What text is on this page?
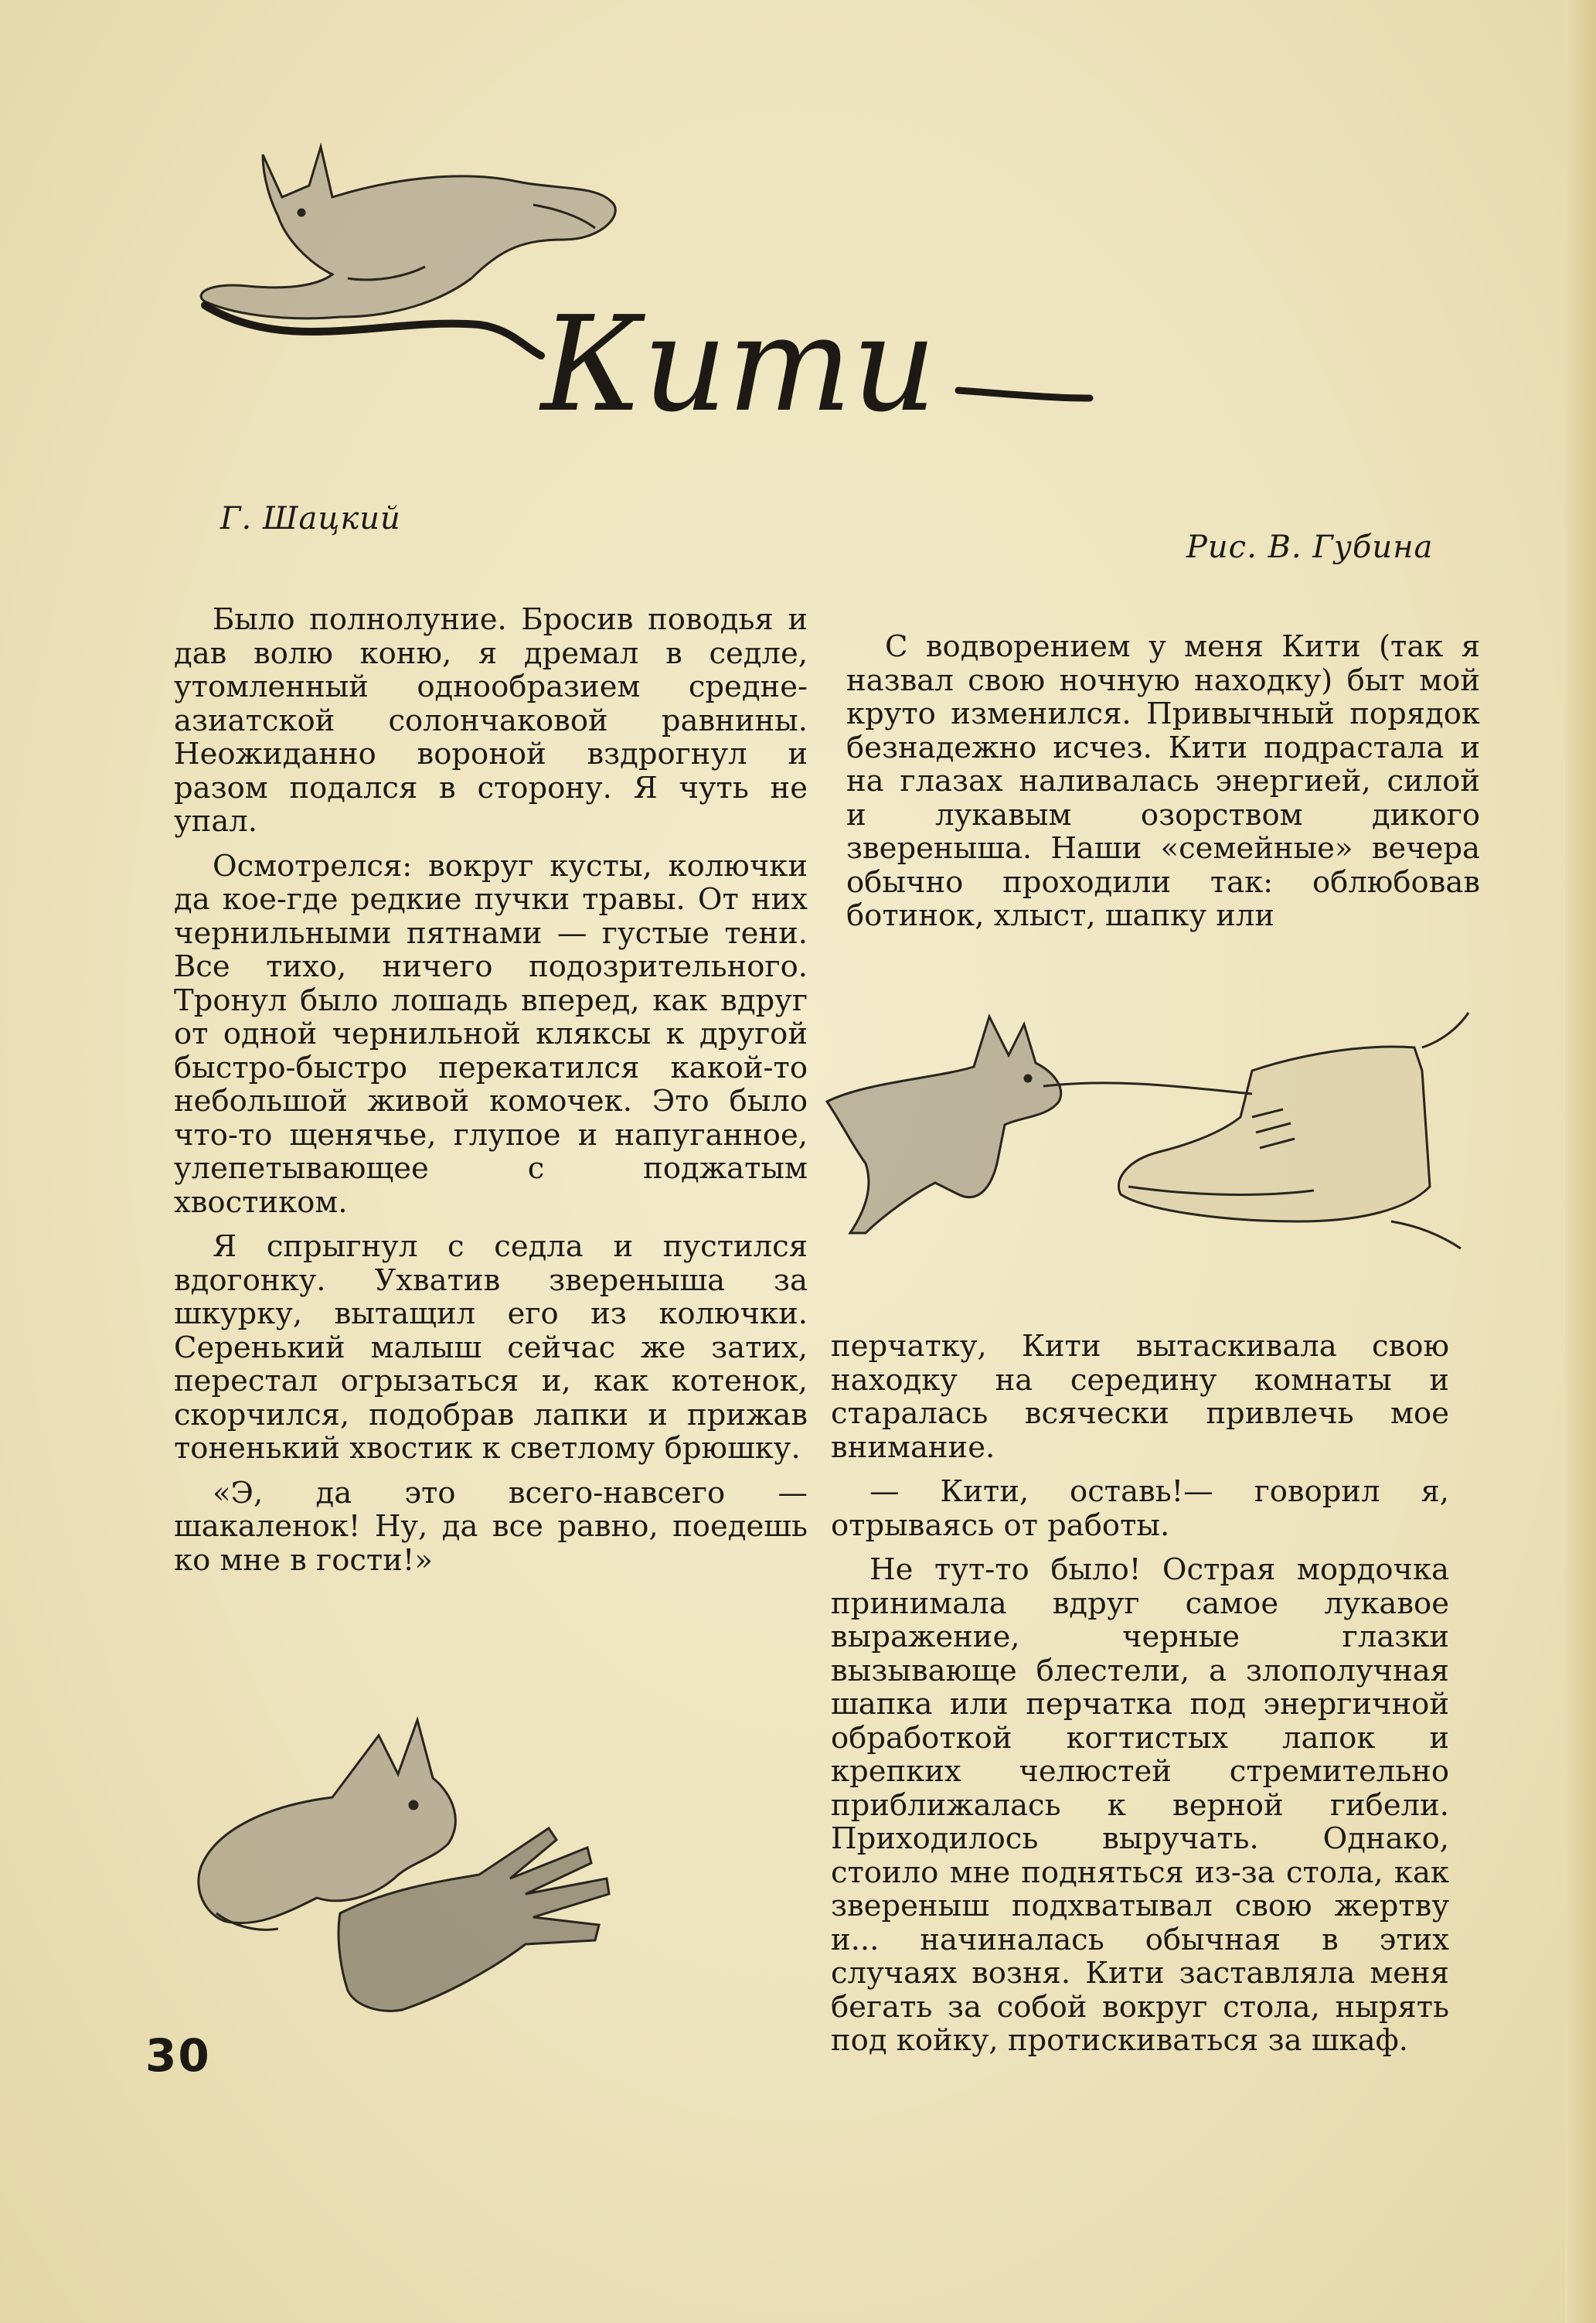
Кити
Г. Шацкий
Рис. В. Губина

Было полнолуние. Бросив поводья и дав волю коню, я дремал в седле, утомленный однообразием средне-азиатской солончаковой равнины. Неожиданно вороной вздрогнул и разом подался в сторону. Я чуть не упал.

Осмотрелся: вокруг кусты, колючки да кое-где редкие пучки травы. От них чернильными пятнами — густые тени. Все тихо, ничего подозрительного. Тронул было лошадь вперед, как вдруг от одной чернильной кляксы к другой быстро-быстро перекатился какой-то небольшой живой комочек. Это было что-то щенячье, глупое и напуганное, улепетывающее с поджатым хвостиком.

Я спрыгнул с седла и пустился вдогонку. Ухватив звереныша за шкурку, вытащил его из колючки. Серенький малыш сейчас же затих, перестал огрызаться и, как котенок, скорчился, подобрав лапки и прижав тоненький хвостик к светлому брюшку.

«Э, да это всего-навсего — шакаленок! Ну, да все равно, поедешь ко мне в гости!»

С водворением у меня Кити (так я назвал свою ночную находку) быт мой круто изменился. Привычный порядок безнадежно исчез. Кити подрастала и на глазах наливалась энергией, силой и лукавым озорством дикого звереныша. Наши «семейные» вечера обычно проходили так: облюбовав ботинок, хлыст, шапку или

перчатку, Кити вытаскивала свою находку на середину комнаты и старалась всячески привлечь мое внимание.

— Кити, оставь!— говорил я, отрываясь от работы.

Не тут-то было! Острая мордочка принимала вдруг самое лукавое выражение, черные глазки вызывающе блестели, а злополучная шапка или перчатка под энергичной обработкой когтистых лапок и крепких челюстей стремительно приближалась к верной гибели. Приходилось выручать. Однако, стоило мне подняться из-за стола, как звереныш подхватывал свою жертву и... начиналась обычная в этих случаях возня. Кити заставляла меня бегать за собой вокруг стола, нырять под койку, протискиваться за шкаф.

30
